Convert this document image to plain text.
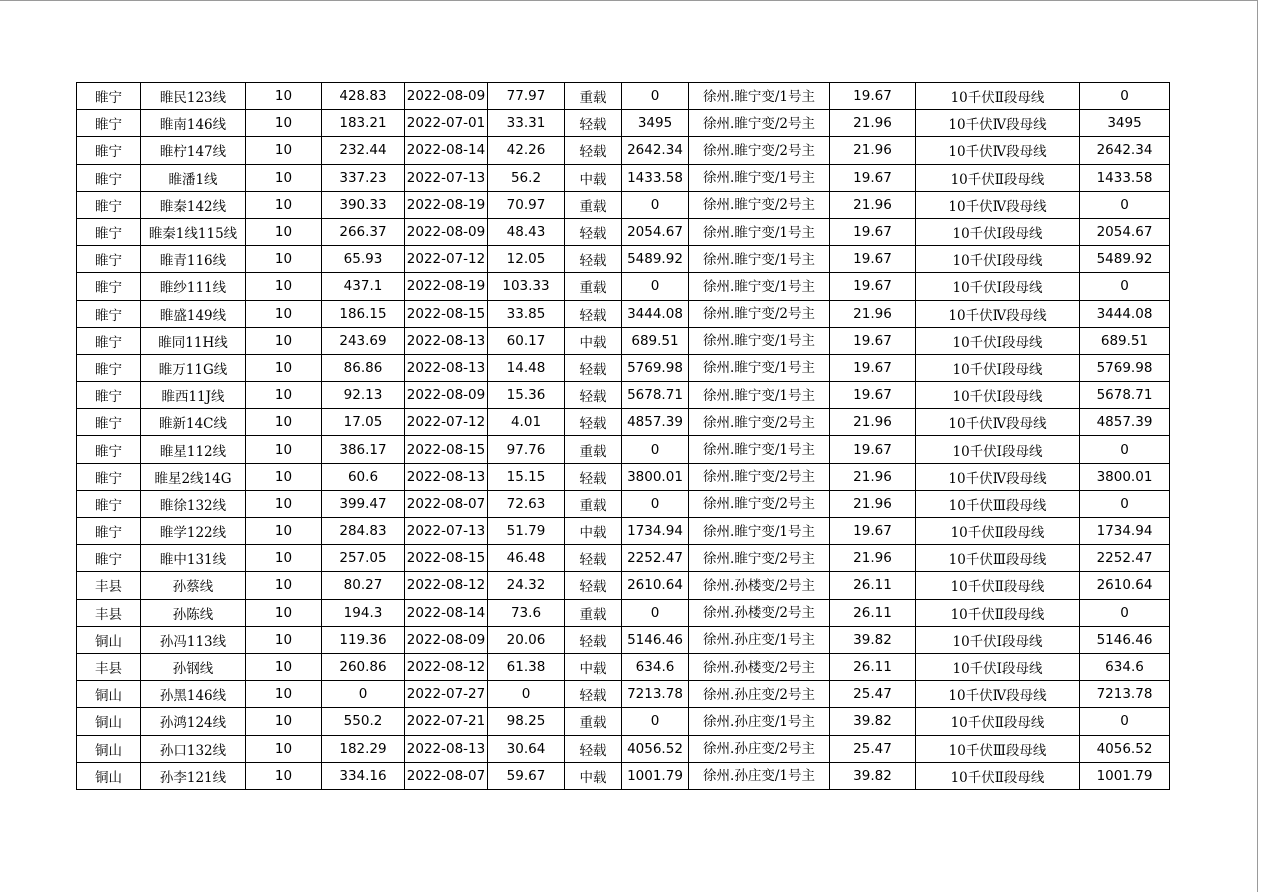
睢宁	睢民123线	10	428.83	2022-08-09	77.97	重载	0	徐州.睢宁变/1号主	19.67	10千伏Ⅱ段母线	0
睢宁	睢南146线	10	183.21	2022-07-01	33.31	轻载	3495	徐州.睢宁变/2号主	21.96	10千伏Ⅳ段母线	3495
睢宁	睢柠147线	10	232.44	2022-08-14	42.26	轻载	2642.34	徐州.睢宁变/2号主	21.96	10千伏Ⅳ段母线	2642.34
睢宁	睢潘1线	10	337.23	2022-07-13	56.2	中载	1433.58	徐州.睢宁变/1号主	19.67	10千伏Ⅱ段母线	1433.58
睢宁	睢秦142线	10	390.33	2022-08-19	70.97	重载	0	徐州.睢宁变/2号主	21.96	10千伏Ⅳ段母线	0
睢宁	睢秦1线115线	10	266.37	2022-08-09	48.43	轻载	2054.67	徐州.睢宁变/1号主	19.67	10千伏Ⅰ段母线	2054.67
睢宁	睢青116线	10	65.93	2022-07-12	12.05	轻载	5489.92	徐州.睢宁变/1号主	19.67	10千伏Ⅰ段母线	5489.92
睢宁	睢纱111线	10	437.1	2022-08-19	103.33	重载	0	徐州.睢宁变/1号主	19.67	10千伏Ⅰ段母线	0
睢宁	睢盛149线	10	186.15	2022-08-15	33.85	轻载	3444.08	徐州.睢宁变/2号主	21.96	10千伏Ⅳ段母线	3444.08
睢宁	睢同11H线	10	243.69	2022-08-13	60.17	中载	689.51	徐州.睢宁变/1号主	19.67	10千伏Ⅰ段母线	689.51
睢宁	睢万11G线	10	86.86	2022-08-13	14.48	轻载	5769.98	徐州.睢宁变/1号主	19.67	10千伏Ⅰ段母线	5769.98
睢宁	睢西11J线	10	92.13	2022-08-09	15.36	轻载	5678.71	徐州.睢宁变/1号主	19.67	10千伏Ⅰ段母线	5678.71
睢宁	睢新14C线	10	17.05	2022-07-12	4.01	轻载	4857.39	徐州.睢宁变/2号主	21.96	10千伏Ⅳ段母线	4857.39
睢宁	睢星112线	10	386.17	2022-08-15	97.76	重载	0	徐州.睢宁变/1号主	19.67	10千伏Ⅰ段母线	0
睢宁	睢星2线14G	10	60.6	2022-08-13	15.15	轻载	3800.01	徐州.睢宁变/2号主	21.96	10千伏Ⅳ段母线	3800.01
睢宁	睢徐132线	10	399.47	2022-08-07	72.63	重载	0	徐州.睢宁变/2号主	21.96	10千伏Ⅲ段母线	0
睢宁	睢学122线	10	284.83	2022-07-13	51.79	中载	1734.94	徐州.睢宁变/1号主	19.67	10千伏Ⅱ段母线	1734.94
睢宁	睢中131线	10	257.05	2022-08-15	46.48	轻载	2252.47	徐州.睢宁变/2号主	21.96	10千伏Ⅲ段母线	2252.47
丰县	孙蔡线	10	80.27	2022-08-12	24.32	轻载	2610.64	徐州.孙楼变/2号主	26.11	10千伏Ⅱ段母线	2610.64
丰县	孙陈线	10	194.3	2022-08-14	73.6	重载	0	徐州.孙楼变/2号主	26.11	10千伏Ⅱ段母线	0
铜山	孙冯113线	10	119.36	2022-08-09	20.06	轻载	5146.46	徐州.孙庄变/1号主	39.82	10千伏Ⅰ段母线	5146.46
丰县	孙钢线	10	260.86	2022-08-12	61.38	中载	634.6	徐州.孙楼变/2号主	26.11	10千伏Ⅰ段母线	634.6
铜山	孙黑146线	10	0	2022-07-27	0	轻载	7213.78	徐州.孙庄变/2号主	25.47	10千伏Ⅳ段母线	7213.78
铜山	孙鸿124线	10	550.2	2022-07-21	98.25	重载	0	徐州.孙庄变/1号主	39.82	10千伏Ⅱ段母线	0
铜山	孙口132线	10	182.29	2022-08-13	30.64	轻载	4056.52	徐州.孙庄变/2号主	25.47	10千伏Ⅲ段母线	4056.52
铜山	孙李121线	10	334.16	2022-08-07	59.67	中载	1001.79	徐州.孙庄变/1号主	39.82	10千伏Ⅱ段母线	1001.79
